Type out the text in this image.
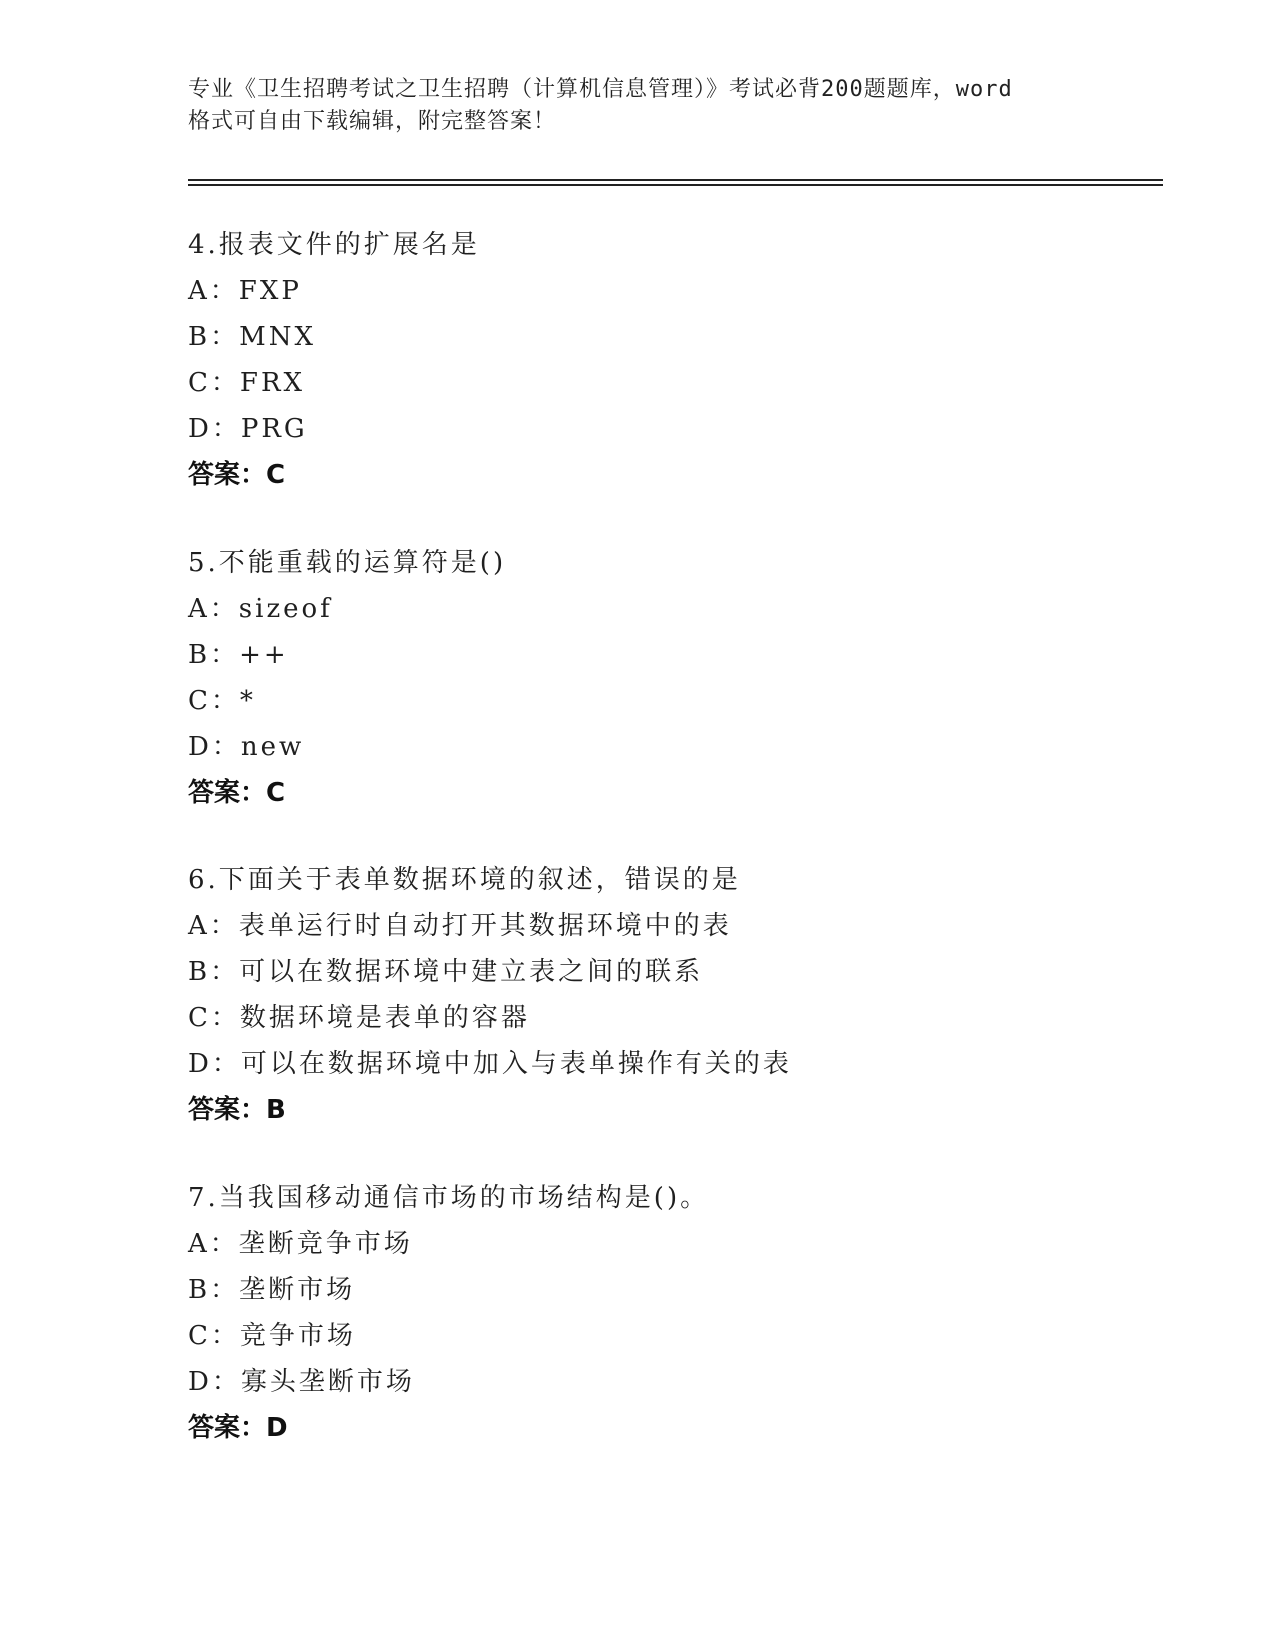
专业《卫生招聘考试之卫生招聘（计算机信息管理）》考试必背200题题库，word
格式可自由下载编辑，附完整答案！
4.报表文件的扩展名是
A：FXP
B：MNX
C：FRX
D：PRG
答案：C
5.不能重载的运算符是()
A：sizeof
B：++
C：*
D：new
答案：C
6.下面关于表单数据环境的叙述，错误的是
A：表单运行时自动打开其数据环境中的表
B：可以在数据环境中建立表之间的联系
C：数据环境是表单的容器
D：可以在数据环境中加入与表单操作有关的表
答案：B
7.当我国移动通信市场的市场结构是()。
A：垄断竞争市场
B：垄断市场
C：竞争市场
D：寡头垄断市场
答案：D
